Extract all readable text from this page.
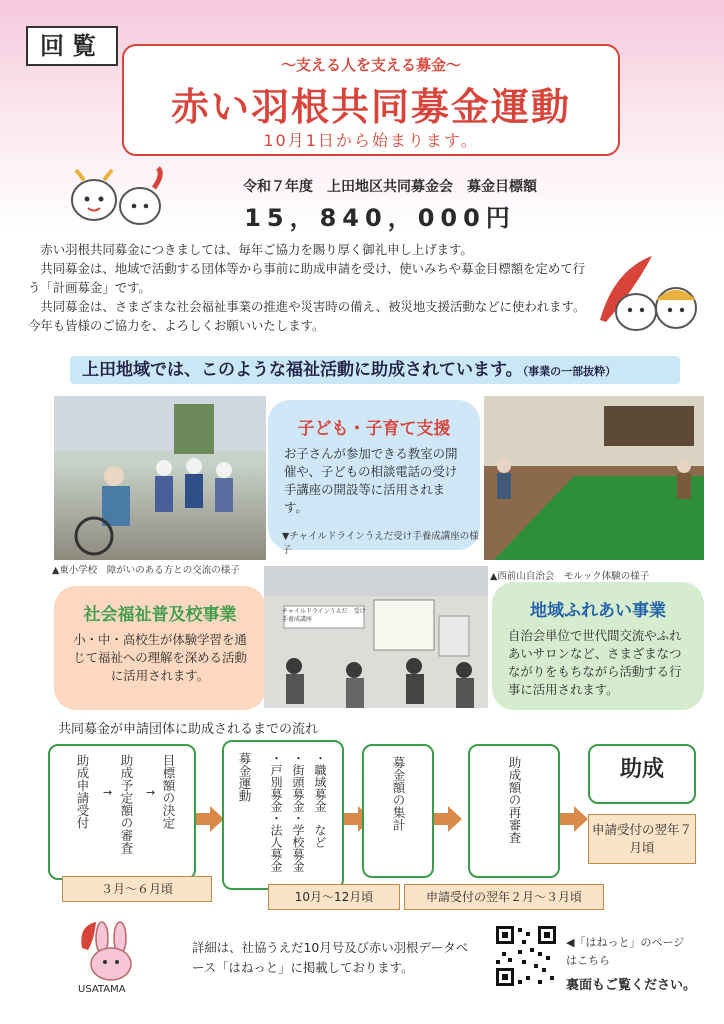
回覧
〜支える人を支える募金〜
赤い羽根共同募金運動
10月1日から始まります。
令和７年度　上田地区共同募金会　募金目標額
15，840，000円

赤い羽根共同募金につきましては、毎年ご協力を賜り厚く御礼申し上げます。

共同募金は、地域で活動する団体等から事前に助成申請を受け、使いみちや募金目標額を定めて行う「計画募金」です。

共同募金は、さまざまな社会福祉事業の推進や災害時の備え、被災地支援活動などに使われます。今年も皆様のご協力を、よろしくお願いいたします。

上田地域では、このような福祉活動に助成されています。（事業の一部抜粋）
▲東小学校　障がいのある方との交流の様子
子ども・子育て支援

お子さんが参加できる教室の開催や、子どもの相談電話の受け手講座の開設等に活用されます。

▼チャイルドラインうえだ受け手養成講座の様子
▲西前山自治会　モルック体験の様子
社会福祉普及校事業

小・中・高校生が体験学習を通じて福祉への理解を深める活動に活用されます。

チャイルドラインうえだ　受け手養成講座	地域ふれあい事業

自治会単位で世代間交流やふれあいサロンなど、さまざまなつながりをもちながら活動する行事に活用されます。

共同募金が申請団体に助成されるまでの流れ
目標額の決定
→
助成予定額の審査
→
助成申請受付
３月〜６月頃
募金運動	・職域募金　など
・街頭募金・学校募金
・戸別募金・法人募金
10月〜12月頃
募金額の集計	助成額の再審査
申請受付の翌年２月〜３月頃
助成
申請受付の翌年７月頃
USATAMA
詳細は、社協うえだ10月号及び赤い羽根データベース「はねっと」に掲載しております。
◀「はねっと」のページはこちら
裏面もご覧ください。
